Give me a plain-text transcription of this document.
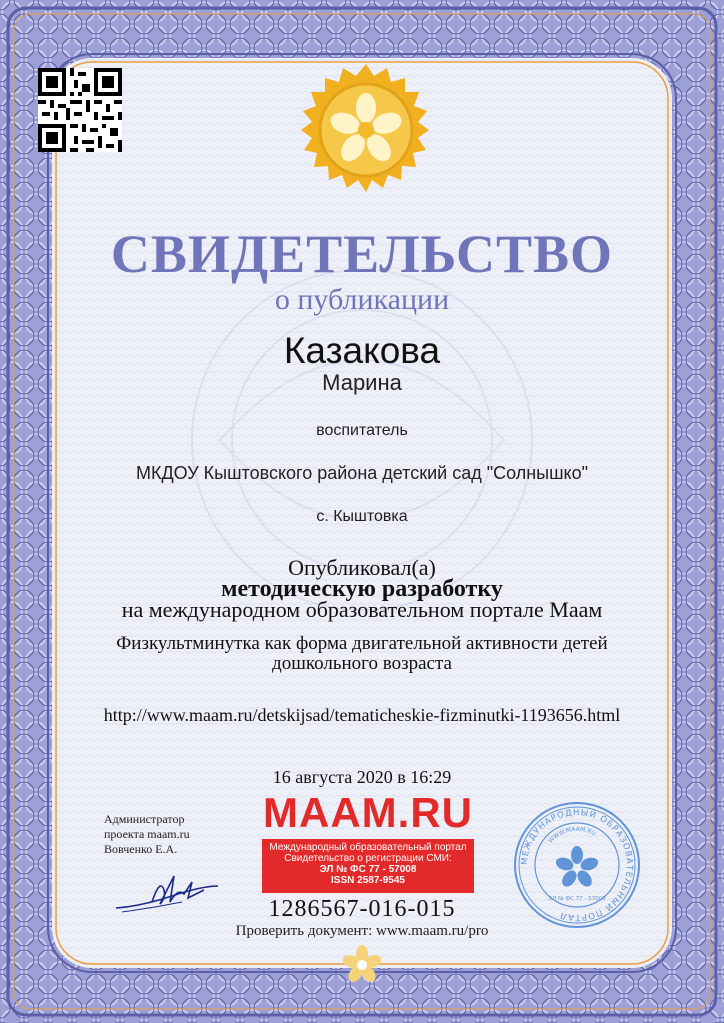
СВИДЕТЕЛЬСТВО
о публикации
Казакова
Марина
воспитатель
МКДОУ Кыштовского района детский сад "Солнышко"
с. Кыштовка
Опубликовал(а)
методическую разработку
на международном образовательном портале Маам
Физкультминутка как форма двигательной активности детей дошкольного возраста
http://www.maam.ru/detskijsad/tematicheskie-fizminutki-1193656.html
16 августа 2020 в 16:29
Администратор
проекта maam.ru
Вовченко Е.А.
MAAM.RU
Международный образовательный портал
Свидетельство о регистрации СМИ:
ЭЛ № ФС 77 - 57008
ISSN 2587-9545
МЕЖДУНАРОДНЫЙ ОБРАЗОВАТЕЛЬНЫЙ ПОРТАЛ
WWW.MAAM.RU
ЭЛ № ФС 77 - 57008
1286567-016-015
Проверить документ: www.maam.ru/pro
